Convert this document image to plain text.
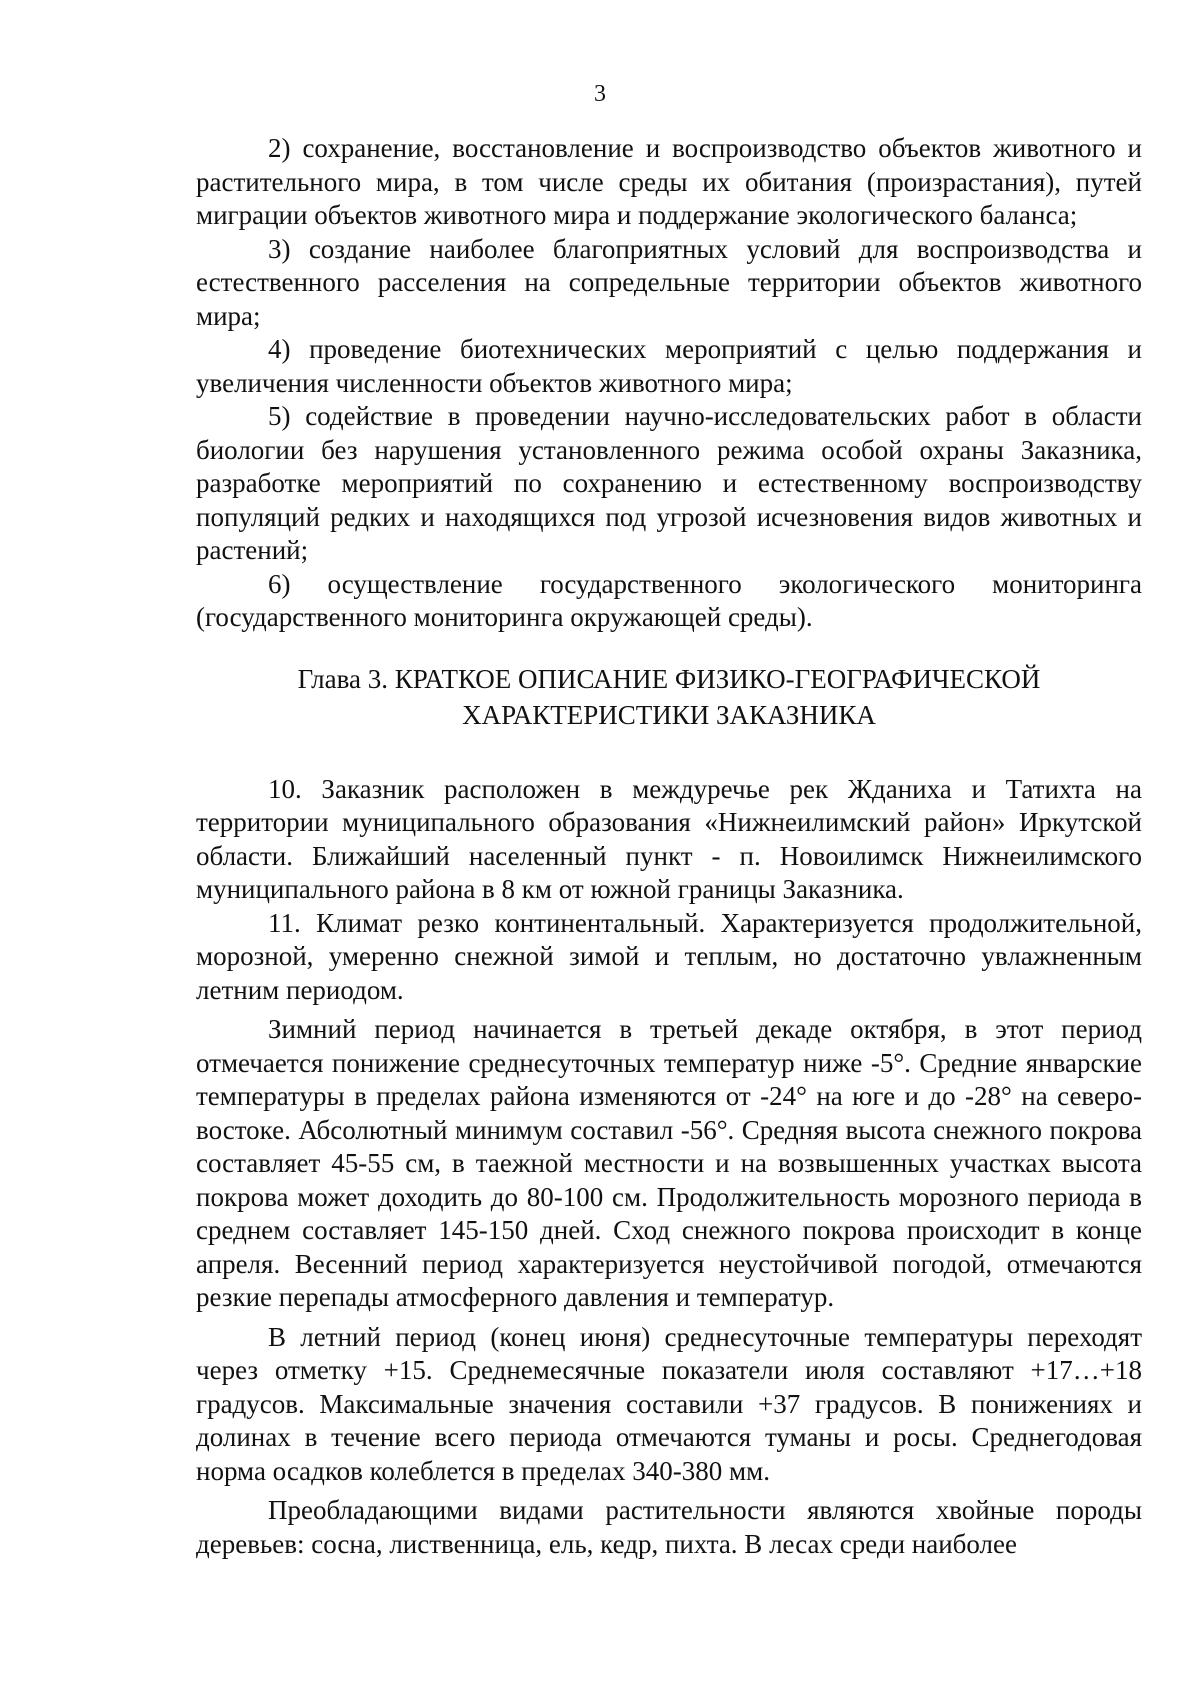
3

2) сохранение, восстановление и воспроизводство объектов животного и растительного мира, в том числе среды их обитания (произрастания), путей миграции объектов животного мира и поддержание экологического баланса;

3) создание наиболее благоприятных условий для воспроизводства и естественного расселения на сопредельные территории объектов животного мира;

4) проведение биотехнических мероприятий с целью поддержания и увеличения численности объектов животного мира;

5) содействие в проведении научно-исследовательских работ в области биологии без нарушения установленного режима особой охраны Заказника, разработке мероприятий по сохранению и естественному воспроизводству популяций редких и находящихся под угрозой исчезновения видов животных и растений;

6) осуществление государственного экологического мониторинга (государственного мониторинга окружающей среды).

Глава 3. КРАТКОЕ ОПИСАНИЕ ФИЗИКО-ГЕОГРАФИЧЕСКОЙ
ХАРАКТЕРИСТИКИ ЗАКАЗНИКА

10. Заказник расположен в междуречье рек Жданиха и Татихта на территории муниципального образования «Нижнеилимский район» Иркутской области. Ближайший населенный пункт - п. Новоилимск Нижнеилимского муниципального района в 8 км от южной границы Заказника.

11. Климат резко континентальный. Характеризуется продолжительной, морозной, умеренно снежной зимой и теплым, но достаточно увлажненным летним периодом.

Зимний период начинается в третьей декаде октября, в этот период отмечается понижение среднесуточных температур ниже -5°. Средние январские температуры в пределах района изменяются от -24° на юге и до -28° на северо-востоке. Абсолютный минимум составил -56°. Средняя высота снежного покрова составляет 45-55 см, в таежной местности и на возвышенных участках высота покрова может доходить до 80-100 см. Продолжительность морозного периода в среднем составляет 145-150 дней. Сход снежного покрова происходит в конце апреля. Весенний период характеризуется неустойчивой погодой, отмечаются резкие перепады атмосферного давления и температур.

В летний период (конец июня) среднесуточные температуры переходят через отметку +15. Среднемесячные показатели июля составляют +17…+18 градусов. Максимальные значения составили +37 градусов. В понижениях и долинах в течение всего периода отмечаются туманы и росы. Среднегодовая норма осадков колеблется в пределах 340-380 мм.

Преобладающими видами растительности являются хвойные породы деревьев: сосна, лиственница, ель, кедр, пихта. В лесах среди наиболее
